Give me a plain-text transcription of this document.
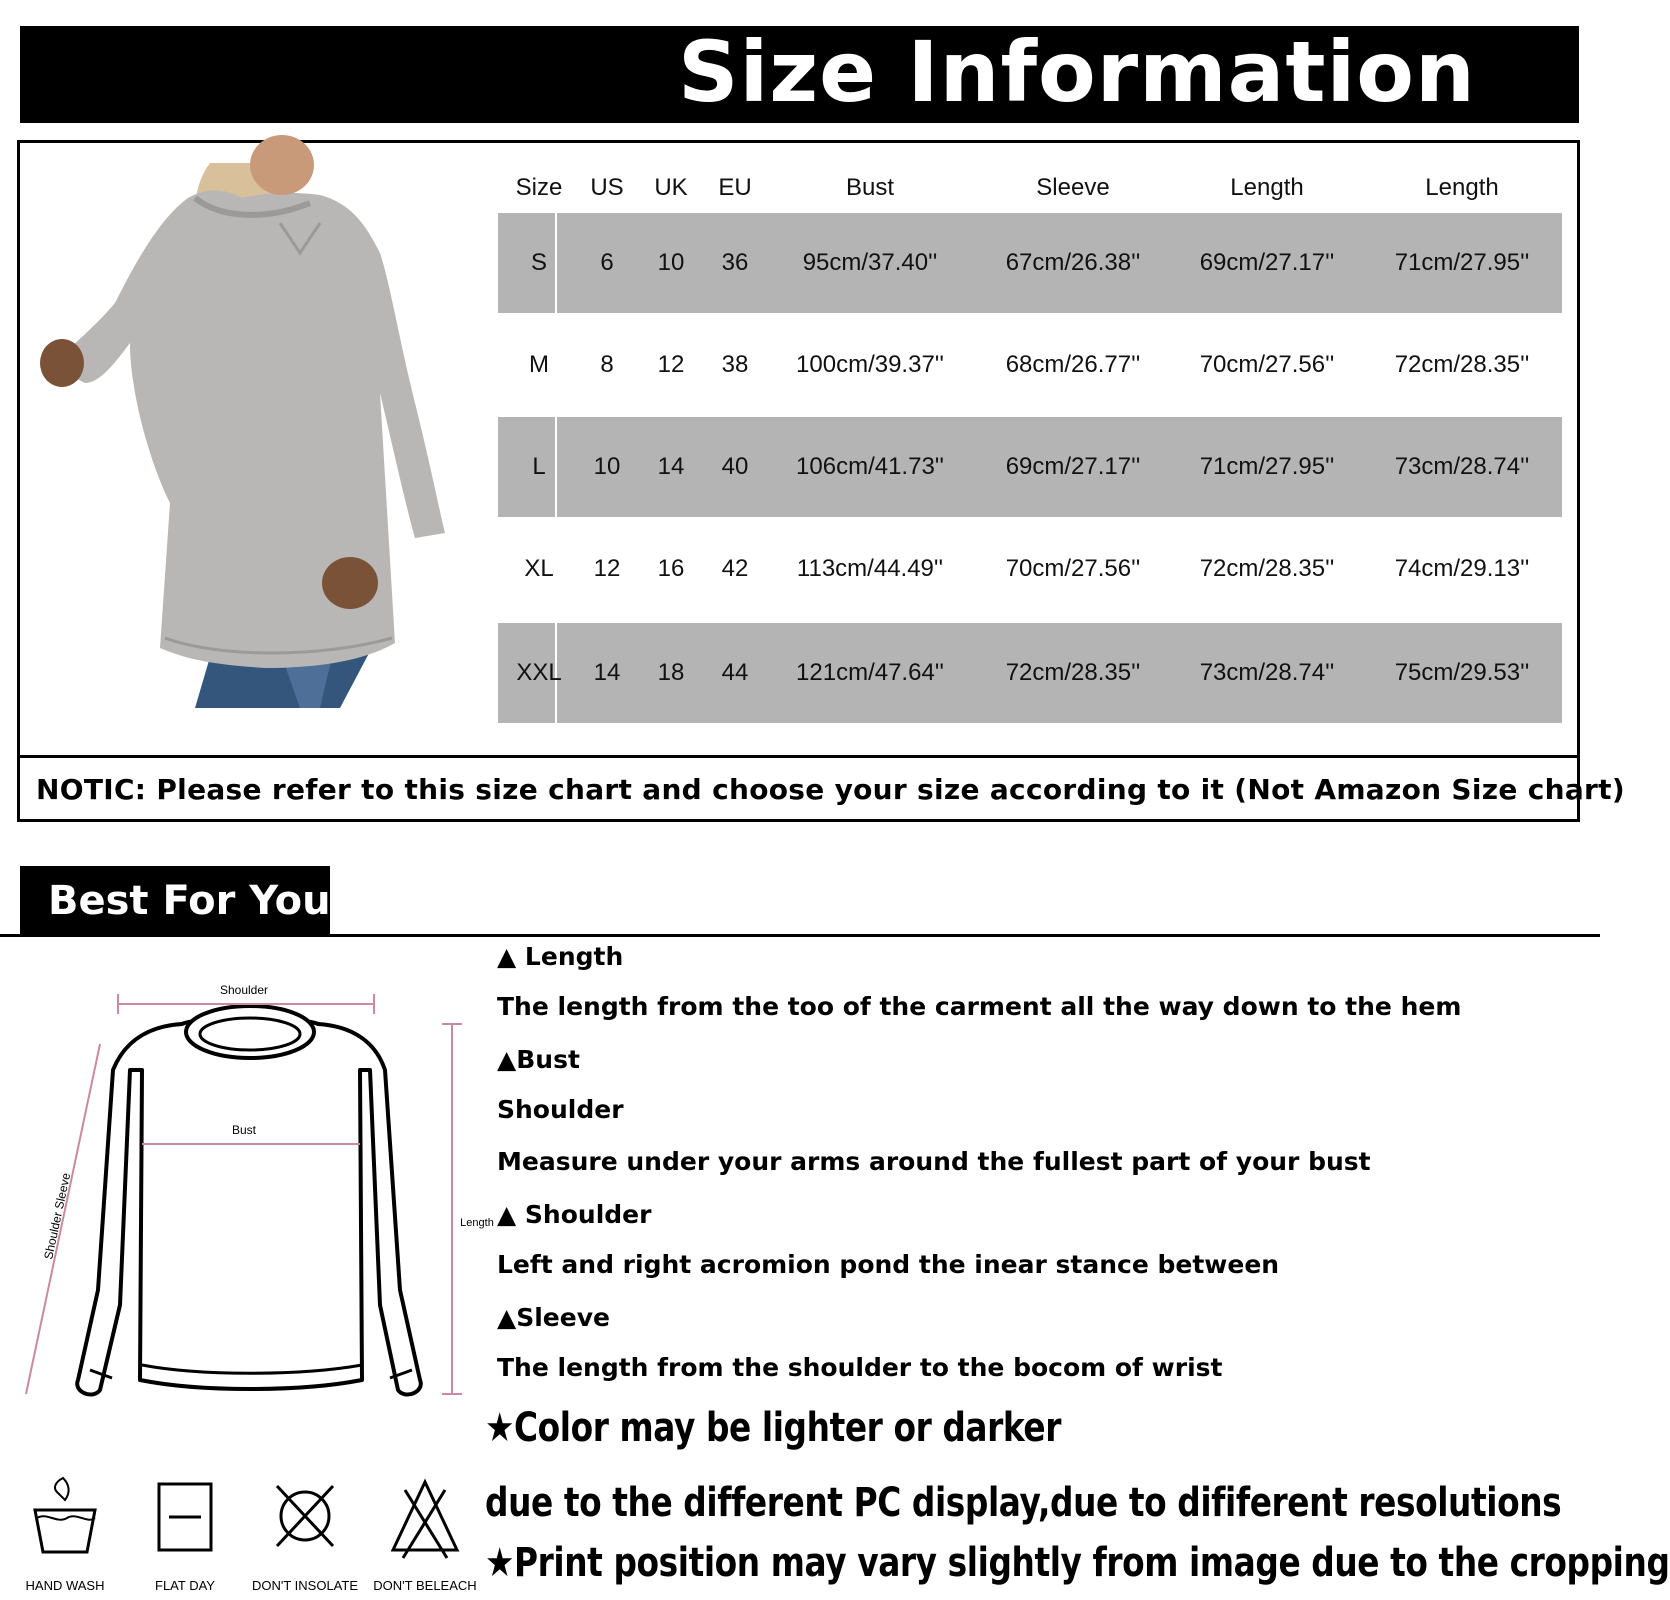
Size Information
NOTIC: Please refer to this size chart and choose your size according to it (Not Amazon Size chart)
Size	US	UK	EU	Bust	Sleeve	Length	Length
S	6	10	36	95cm/37.40''	67cm/26.38''	69cm/27.17''	71cm/27.95''
M	8	12	38	100cm/39.37''	68cm/26.77''	70cm/27.56''	72cm/28.35''
L	10	14	40	106cm/41.73''	69cm/27.17''	71cm/27.95''	73cm/28.74''
XL	12	16	42	113cm/44.49''	70cm/27.56''	72cm/28.35''	74cm/29.13''
XXL	14	18	44	121cm/47.64''	72cm/28.35''	73cm/28.74''	75cm/29.53''
Best For You
Shoulder
Bust
Shoulder Sleeve	Length
▲ Length
The length from the too of the carment all the way down to the hem
▲Bust
Shoulder
Measure under your arms around the fullest part of your bust
▲ Shoulder
Left and right acromion pond the inear stance between
▲Sleeve
The length from the shoulder to the bocom of wrist
★Color may be lighter or darker
due to the different PC display,due to dififerent resolutions
★Print position may vary slightly from image due to the cropping
HAND WASH	FLAT DAY	DON'T INSOLATE	DON'T BELEACH
